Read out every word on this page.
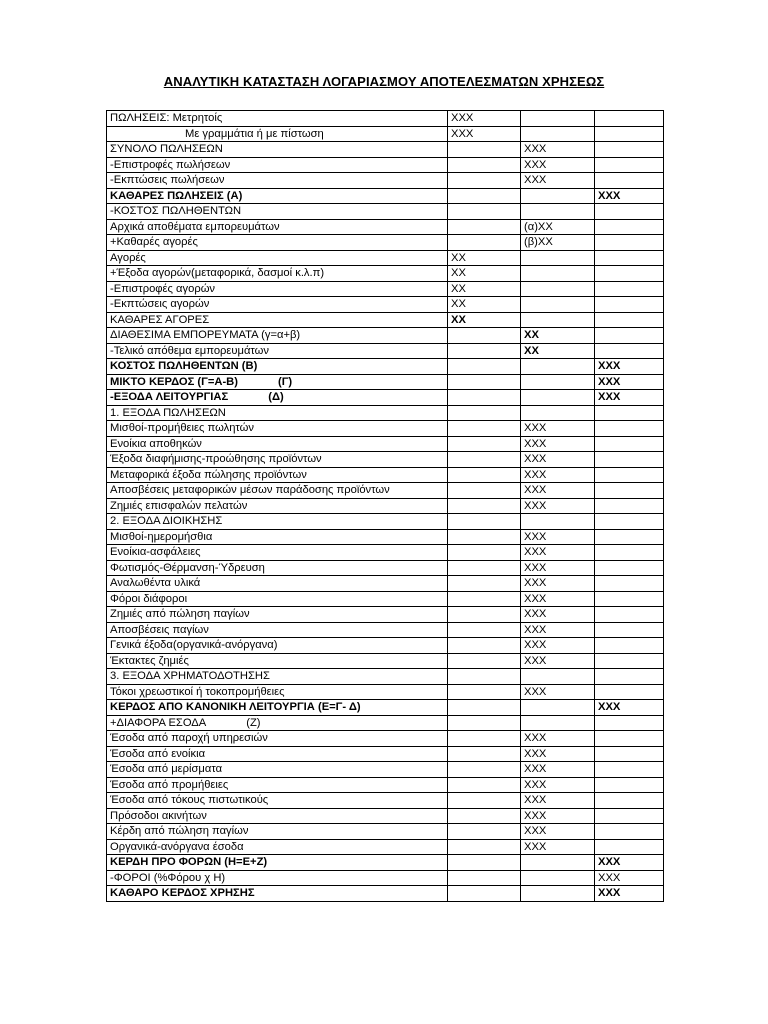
ΑΝΑΛΥΤΙΚΗ ΚΑΤΑΣΤΑΣΗ ΛΟΓΑΡΙΑΣΜΟΥ ΑΠΟΤΕΛΕΣΜΑΤΩΝ ΧΡΗΣΕΩΣ
ΠΩΛΗΣΕΙΣ: Μετρητοίς	XXX		
Με γραμμάτια ή με πίστωση	XXX		
ΣΥΝΟΛΟ ΠΩΛΗΣΕΩΝ		XXX	
-Επιστροφές πωλήσεων		XXX	
-Εκπτώσεις πωλήσεων		XXX	
ΚΑΘΑΡΕΣ ΠΩΛΗΣΕΙΣ (Α)			XXX
-ΚΟΣΤΟΣ ΠΩΛΗΘΕΝΤΩΝ			
Αρχικά αποθέματα εμπορευμάτων		(α)XX	
+Καθαρές αγορές		(β)XX	
Αγορές	XX		
+Έξοδα αγορών(μεταφορικά, δασμοί κ.λ.π)	XX		
-Επιστροφές αγορών	XX		
-Εκπτώσεις αγορών	XX		
ΚΑΘΑΡΕΣ ΑΓΟΡΕΣ	XX		
ΔΙΑΘΕΣΙΜΑ ΕΜΠΟΡΕΥΜΑΤΑ (γ=α+β)		XX	
-Τελικό απόθεμα εμπορευμάτων		XX	
ΚΟΣΤΟΣ ΠΩΛΗΘΕΝΤΩΝ (Β)			XXX
ΜΙΚΤΟ ΚΕΡΔΟΣ (Γ=Α-Β) (Γ)			XXX
-ΕΞΟΔΑ ΛΕΙΤΟΥΡΓΙΑΣ (Δ)			XXX
1. ΕΞΟΔΑ ΠΩΛΗΣΕΩΝ			
Μισθοί-προμήθειες πωλητών		XXX	
Ενοίκια αποθηκών		XXX	
Έξοδα διαφήμισης-προώθησης προϊόντων		XXX	
Μεταφορικά έξοδα πώλησης προϊόντων		XXX	
Αποσβέσεις μεταφορικών μέσων παράδοσης προϊόντων		XXX	
Ζημιές επισφαλών πελατών		XXX	
2. ΕΞΟΔΑ ΔΙΟΙΚΗΣΗΣ			
Μισθοί-ημερομήσθια		XXX	
Ενοίκια-ασφάλειες		XXX	
Φωτισμός-Θέρμανση-Ύδρευση		XXX	
Αναλωθέντα υλικά		XXX	
Φόροι διάφοροι		XXX	
Ζημιές από πώληση παγίων		XXX	
Αποσβέσεις παγίων		XXX	
Γενικά έξοδα(οργανικά-ανόργανα)		XXX	
Έκτακτες ζημιές		XXX	
3. ΕΞΟΔΑ ΧΡΗΜΑΤΟΔΟΤΗΣΗΣ			
Τόκοι χρεωστικοί ή τοκοπρομήθειες		XXX	
ΚΕΡΔΟΣ ΑΠΟ ΚΑΝΟΝΙΚΗ ΛΕΙΤΟΥΡΓΙΑ (Ε=Γ- Δ)			XXX
+ΔΙΑΦΟΡΑ ΕΣΟΔΑ (Ζ)			
Έσοδα από παροχή υπηρεσιών		XXX	
Έσοδα από ενοίκια		XXX	
Έσοδα από μερίσματα		XXX	
Έσοδα από προμήθειες		XXX	
Έσοδα από τόκους πιστωτικούς		XXX	
Πρόσοδοι ακινήτων		XXX	
Κέρδη από πώληση παγίων		XXX	
Οργανικά-ανόργανα έσοδα		XXX	
ΚΕΡΔΗ ΠΡΟ ΦΟΡΩΝ (Η=Ε+Ζ)			XXX
-ΦΟΡΟΙ (%Φόρου χ Η)			XXX
ΚΑΘΑΡΟ ΚΕΡΔΟΣ ΧΡΗΣΗΣ			XXX
